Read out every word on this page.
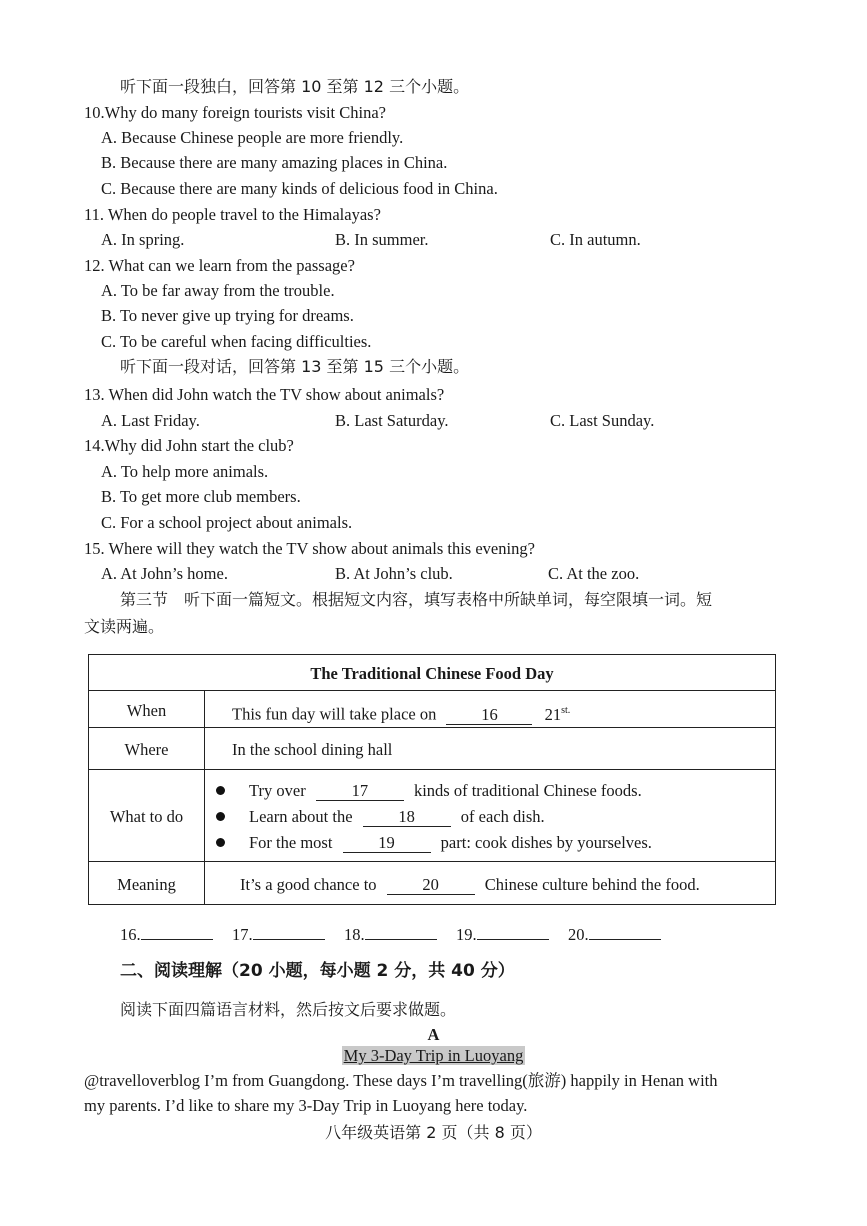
听下面一段独白，回答第 10 至第 12 三个小题。
10.Why do many foreign tourists visit China?
A. Because Chinese people are more friendly.
B. Because there are many amazing places in China.
C. Because there are many kinds of delicious food in China.
11. When do people travel to the Himalayas?
A. In spring.	B. In summer.	C. In autumn.
12. What can we learn from the passage?
A. To be far away from the trouble.
B. To never give up trying for dreams.
C. To be careful when facing difficulties.
听下面一段对话，回答第 13 至第 15 三个小题。
13. When did John watch the TV show about animals?
A. Last Friday.	B. Last Saturday.	C. Last Sunday.
14.Why did John start the club?
A. To help more animals.
B. To get more club members.
C. For a school project about animals.
15. Where will they watch the TV show about animals this evening?
A. At John’s home.	B. At John’s club.	C. At the zoo.
第三节　听下面一篇短文。根据短文内容，填写表格中所缺单词，每空限填一词。短
文读两遍。
The Traditional Chinese Food Day
When	This fun day will take place on	16	$21^{st.}$
Where	In the school dining hall
What to do
Try over	17	kinds of traditional Chinese foods.
Learn about the	18	of each dish.
For the most	19	part: cook dishes by yourselves.
Meaning	It’s a good chance to	20	Chinese culture behind the food.
16.	17.	18.	19.	20.
二、阅读理解（20 小题，每小题 2 分，共 40 分）
阅读下面四篇语言材料，然后按文后要求做题。
A
My 3-Day Trip in Luoyang
@travelloverblog I’m from Guangdong. These days I’m travelling(旅游) happily in Henan with
my parents. I’d like to share my 3-Day Trip in Luoyang here today.
八年级英语第 2 页（共 8 页）
